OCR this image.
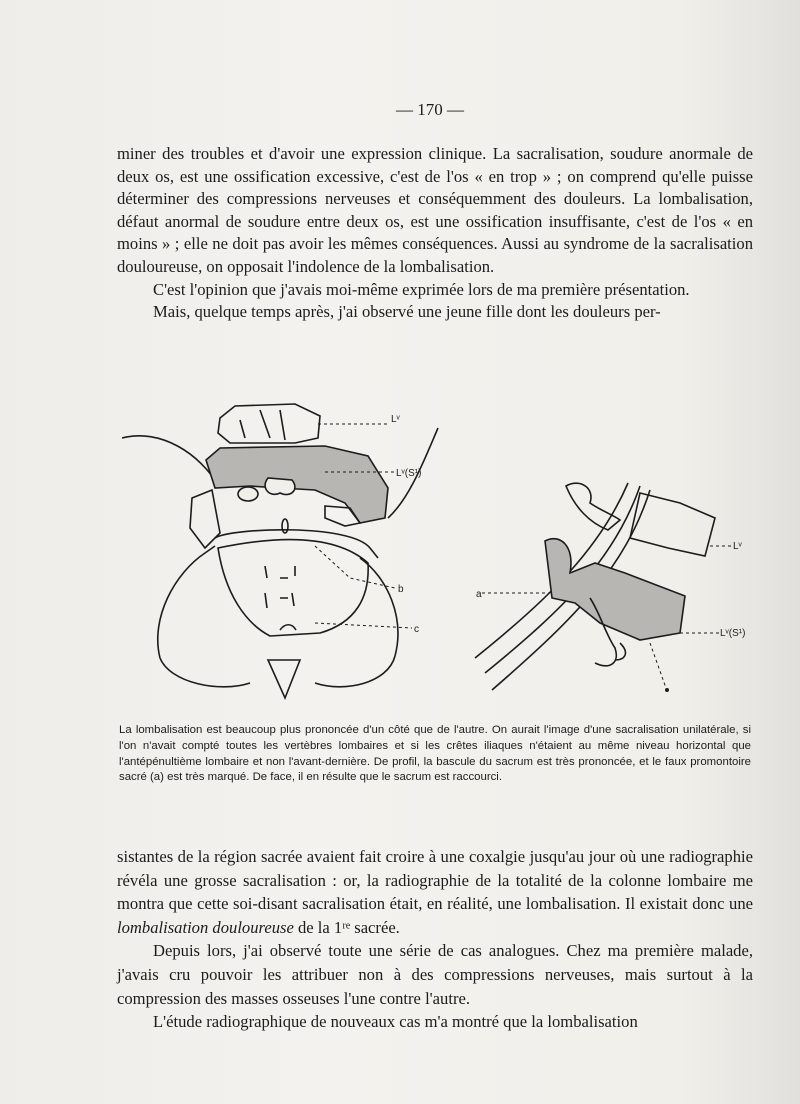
— 170 —

miner des troubles et d'avoir une expression clinique. La sacralisation, soudure anormale de deux os, est une ossification excessive, c'est de l'os « en trop » ; on comprend qu'elle puisse déterminer des compressions nerveuses et conséquemment des douleurs. La lombalisation, défaut anormal de soudure entre deux os, est une ossification insuffisante, c'est de l'os « en moins » ; elle ne doit pas avoir les mêmes conséquences. Aussi au syndrome de la sacralisation douloureuse, on opposait l'indolence de la lombalisation.

C'est l'opinion que j'avais moi-même exprimée lors de ma première présentation.

Mais, quelque temps après, j'ai observé une jeune fille dont les douleurs per-

Lᵛ
Lᵛ(S¹)
b
c
a
Lᵛ
Lᵛ(S¹)

La lombalisation est beaucoup plus prononcée d'un côté que de l'autre. On aurait l'image d'une sacralisation unilatérale, si l'on n'avait compté toutes les vertèbres lombaires et si les crêtes iliaques n'étaient au même niveau horizontal que l'antépénultième lombaire et non l'avant-dernière. De profil, la bascule du sacrum est très prononcée, et le faux promontoire sacré (a) est très marqué. De face, il en résulte que le sacrum est raccourci.

sistantes de la région sacrée avaient fait croire à une coxalgie jusqu'au jour où une radiographie révéla une grosse sacralisation : or, la radiographie de la totalité de la colonne lombaire me montra que cette soi-disant sacralisation était, en réalité, une lombalisation. Il existait donc une lombalisation douloureuse de la 1ʳᵉ sacrée.

Depuis lors, j'ai observé toute une série de cas analogues. Chez ma première malade, j'avais cru pouvoir les attribuer non à des compressions nerveuses, mais surtout à la compression des masses osseuses l'une contre l'autre.

L'étude radiographique de nouveaux cas m'a montré que la lombalisation
